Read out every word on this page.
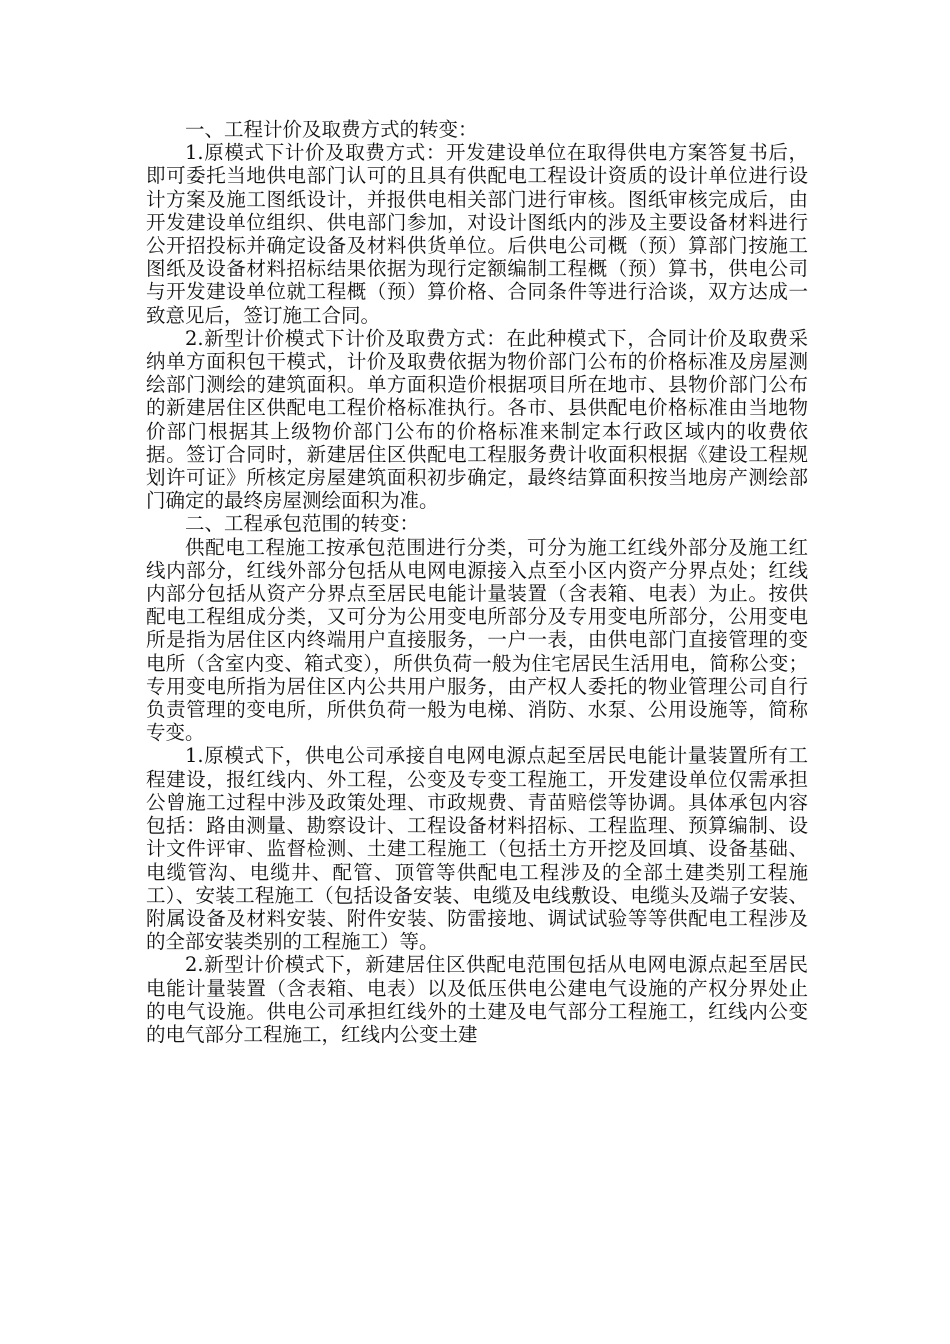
一、工程计价及取费方式的转变：

1.原模式下计价及取费方式：开发建设单位在取得供电方案答复书后，即可委托当地供电部门认可的且具有供配电工程设计资质的设计单位进行设计方案及施工图纸设计，并报供电相关部门进行审核。图纸审核完成后，由开发建设单位组织、供电部门参加，对设计图纸内的涉及主要设备材料进行公开招投标并确定设备及材料供货单位。后供电公司概（预）算部门按施工图纸及设备材料招标结果依据为现行定额编制工程概（预）算书，供电公司与开发建设单位就工程概（预）算价格、合同条件等进行洽谈，双方达成一致意见后，签订施工合同。

2.新型计价模式下计价及取费方式：在此种模式下，合同计价及取费采纳单方面积包干模式，计价及取费依据为物价部门公布的价格标准及房屋测绘部门测绘的建筑面积。单方面积造价根据项目所在地市、县物价部门公布的新建居住区供配电工程价格标准执行。各市、县供配电价格标准由当地物价部门根据其上级物价部门公布的价格标准来制定本行政区域内的收费依据。签订合同时，新建居住区供配电工程服务费计收面积根据《建设工程规划许可证》所核定房屋建筑面积初步确定，最终结算面积按当地房产测绘部门确定的最终房屋测绘面积为准。

二、工程承包范围的转变：

供配电工程施工按承包范围进行分类，可分为施工红线外部分及施工红线内部分，红线外部分包括从电网电源接入点至小区内资产分界点处；红线内部分包括从资产分界点至居民电能计量装置（含表箱、电表）为止。按供配电工程组成分类，又可分为公用变电所部分及专用变电所部分，公用变电所是指为居住区内终端用户直接服务，一户一表，由供电部门直接管理的变电所（含室内变、箱式变），所供负荷一般为住宅居民生活用电，简称公变；专用变电所指为居住区内公共用户服务，由产权人委托的物业管理公司自行负责管理的变电所，所供负荷一般为电梯、消防、水泵、公用设施等，简称专变。

1.原模式下，供电公司承接自电网电源点起至居民电能计量装置所有工程建设，报红线内、外工程，公变及专变工程施工，开发建设单位仅需承担公曾施工过程中涉及政策处理、市政规费、青苗赔偿等协调。具体承包内容包括：路由测量、勘察设计、工程设备材料招标、工程监理、预算编制、设计文件评审、监督检测、土建工程施工（包括土方开挖及回填、设备基础、电缆管沟、电缆井、配管、顶管等供配电工程涉及的全部土建类别工程施工）、安装工程施工（包括设备安装、电缆及电线敷设、电缆头及端子安装、附属设备及材料安装、附件安装、防雷接地、调试试验等等供配电工程涉及的全部安装类别的工程施工）等。

2.新型计价模式下，新建居住区供配电范围包括从电网电源点起至居民电能计量装置（含表箱、电表）以及低压供电公建电气设施的产权分界处止的电气设施。供电公司承担红线外的土建及电气部分工程施工，红线内公变的电气部分工程施工，红线内公变土建
